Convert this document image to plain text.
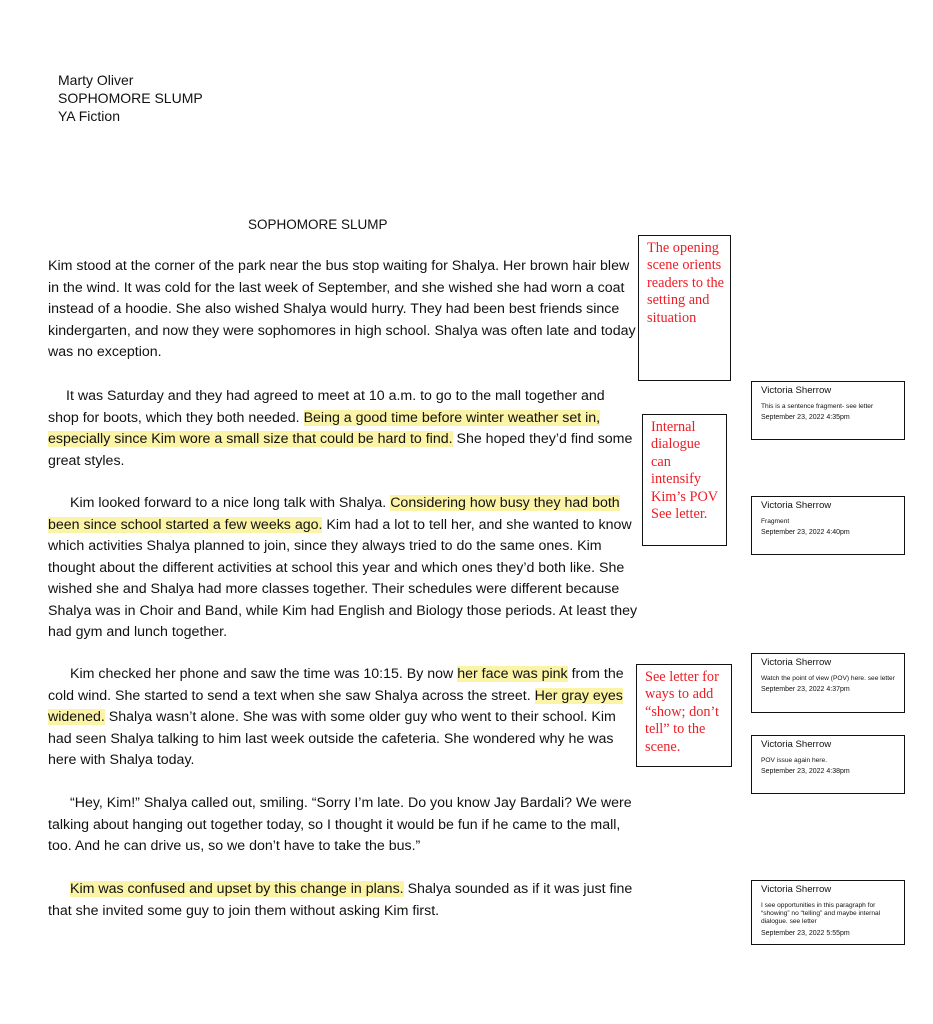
Marty Oliver
SOPHOMORE SLUMP
YA Fiction
SOPHOMORE SLUMP

Kim stood at the corner of the park near the bus stop waiting for Shalya. Her brown hair blew in the wind. It was cold for the last week of September, and she wished she had worn a coat instead of a hoodie. She also wished Shalya would hurry. They had been best friends since kindergarten, and now they were sophomores in high school. Shalya was often late and today was no exception.

It was Saturday and they had agreed to meet at 10 a.m. to go to the mall together and shop for boots, which they both needed. Being a good time before winter weather set in, especially since Kim wore a small size that could be hard to find. She hoped they’d find some great styles.

Kim looked forward to a nice long talk with Shalya. Considering how busy they had both been since school started a few weeks ago. Kim had a lot to tell her, and she wanted to know which activities Shalya planned to join, since they always tried to do the same ones. Kim thought about the different activities at school this year and which ones they’d both like. She wished she and Shalya had more classes together. Their schedules were different because Shalya was in Choir and Band, while Kim had English and Biology those periods. At least they had gym and lunch together.

Kim checked her phone and saw the time was 10:15. By now her face was pink from the cold wind. She started to send a text when she saw Shalya across the street. Her gray eyes widened. Shalya wasn’t alone. She was with some older guy who went to their school. Kim had seen Shalya talking to him last week outside the cafeteria. She wondered why he was here with Shalya today.

“Hey, Kim!” Shalya called out, smiling. “Sorry I’m late. Do you know Jay Bardali? We were talking about hanging out together today, so I thought it would be fun if he came to the mall, too. And he can drive us, so we don’t have to take the bus.”

Kim was confused and upset by this change in plans. Shalya sounded as if it was just fine that she invited some guy to join them without asking Kim first.

The opening scene orients readers to the setting and situation
Internal dialogue can intensify Kim’s POV See letter.
See letter for ways to add “show; don’t tell” to the scene.
Victoria Sherrow
This is a sentence fragment- see letter
September 23, 2022 4:35pm
Victoria Sherrow
Fragment
September 23, 2022 4:40pm
Victoria Sherrow
Watch the point of view (POV) here. see letter
September 23, 2022 4:37pm
Victoria Sherrow
POV issue again here.
September 23, 2022 4:38pm
Victoria Sherrow
I see opportunities in this paragraph for “showing” no “telling” and maybe internal dialogue. see letter
September 23, 2022 5:55pm
